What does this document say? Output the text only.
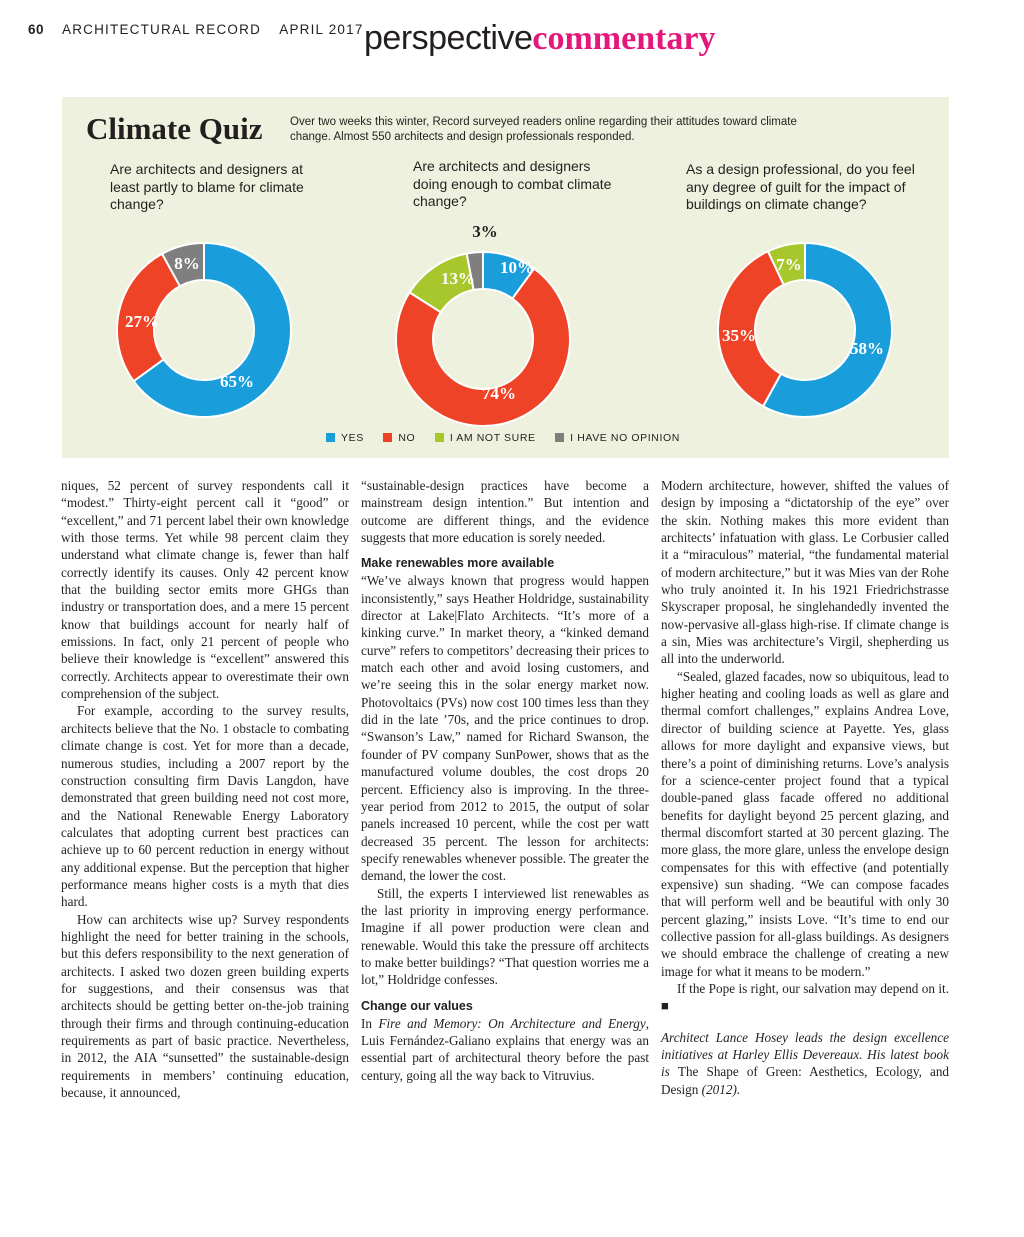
60 ARCHITECTURAL RECORD APRIL 2017 perspectivecommentary
Climate Quiz Over two weeks this winter, Record surveyed readers online regarding their attitudes toward climate change. Almost 550 architects and design professionals responded.
Are architects and designers at least partly to blame for climate change?
Are architects and designers doing enough to combat climate change?
As a design professional, do you feel any degree of guilt for the impact of buildings on climate change?
65%
27%
8%	10%
74%
13%
3%
58%
35%
7%
YES	NO	I AM NOT SURE	I HAVE NO OPINION

niques, 52 percent of survey respondents call it “modest.” Thirty-eight percent call it “good” or “excellent,” and 71 percent label their own knowledge with those terms. Yet while 98 percent claim they understand what climate change is, fewer than half correctly identify its causes. Only 42 percent know that the building sector emits more GHGs than industry or transportation does, and a mere 15 percent know that buildings account for nearly half of emissions. In fact, only 21 percent of people who believe their knowledge is “excellent” answered this correctly. Architects appear to overestimate their own comprehension of the subject.

For example, according to the survey results, architects believe that the No. 1 obstacle to combating climate change is cost. Yet for more than a decade, numerous studies, including a 2007 report by the construction consulting firm Davis Langdon, have demonstrated that green building need not cost more, and the National Renewable Energy Laboratory calculates that adopting current best practices can achieve up to 60 percent reduction in energy without any additional expense. But the perception that higher performance means higher costs is a myth that dies hard.

How can architects wise up? Survey respondents highlight the need for better training in the schools, but this defers responsibility to the next generation of architects. I asked two dozen green building experts for suggestions, and their consensus was that architects should be getting better on-the-job training through their firms and through continuing-education requirements as part of basic practice. Nevertheless, in 2012, the AIA “sunsetted” the sustainable-design requirements in members’ continuing education, because, it announced,

“sustainable-design practices have become a mainstream design intention.” But intention and outcome are different things, and the evidence suggests that more education is sorely needed.

Make renewables more available

“We’ve always known that progress would happen inconsistently,” says Heather Holdridge, sustainability director at Lake|Flato Architects. “It’s more of a kinking curve.” In market theory, a “kinked demand curve” refers to competitors’ decreasing their prices to match each other and avoid losing customers, and we’re seeing this in the solar energy market now. Photovoltaics (PVs) now cost 100 times less than they did in the late ’70s, and the price continues to drop. “Swanson’s Law,” named for Richard Swanson, the founder of PV company SunPower, shows that as the manufactured volume doubles, the cost drops 20 percent. Efficiency also is improving. In the three-year period from 2012 to 2015, the output of solar panels increased 10 percent, while the cost per watt decreased 35 percent. The lesson for architects: specify renewables whenever possible. The greater the demand, the lower the cost.

Still, the experts I interviewed list renewables as the last priority in improving energy performance. Imagine if all power production were clean and renewable. Would this take the pressure off architects to make better buildings? “That question worries me a lot,” Holdridge confesses.

Change our values

In Fire and Memory: On Architecture and Energy, Luis Fernández-Galiano explains that energy was an essential part of architectural theory before the past century, going all the way back to Vitruvius.

Modern architecture, however, shifted the values of design by imposing a “dictatorship of the eye” over the skin. Nothing makes this more evident than architects’ infatuation with glass. Le Corbusier called it a “miraculous” material, “the fundamental material of modern architecture,” but it was Mies van der Rohe who truly anointed it. In his 1921 Friedrichstrasse Skyscraper proposal, he singlehandedly invented the now-pervasive all-glass high-rise. If climate change is a sin, Mies was architecture’s Virgil, shepherding us all into the underworld.

“Sealed, glazed facades, now so ubiquitous, lead to higher heating and cooling loads as well as glare and thermal comfort challenges,” explains Andrea Love, director of building science at Payette. Yes, glass allows for more daylight and expansive views, but there’s a point of diminishing returns. Love’s analysis for a science-center project found that a typical double-paned glass facade offered no additional benefits for daylight beyond 25 percent glazing, and thermal discomfort started at 30 percent glazing. The more glass, the more glare, unless the envelope design compensates for this with effective (and potentially expensive) sun shading. “We can compose facades that will perform well and be beautiful with only 30 percent glazing,” insists Love. “It’s time to end our collective passion for all-glass buildings. As designers we should embrace the challenge of creating a new image for what it means to be modern.”

If the Pope is right, our salvation may depend on it. ■

Architect Lance Hosey leads the design excellence initiatives at Harley Ellis Devereaux. His latest book is The Shape of Green: Aesthetics, Ecology, and Design (2012).
